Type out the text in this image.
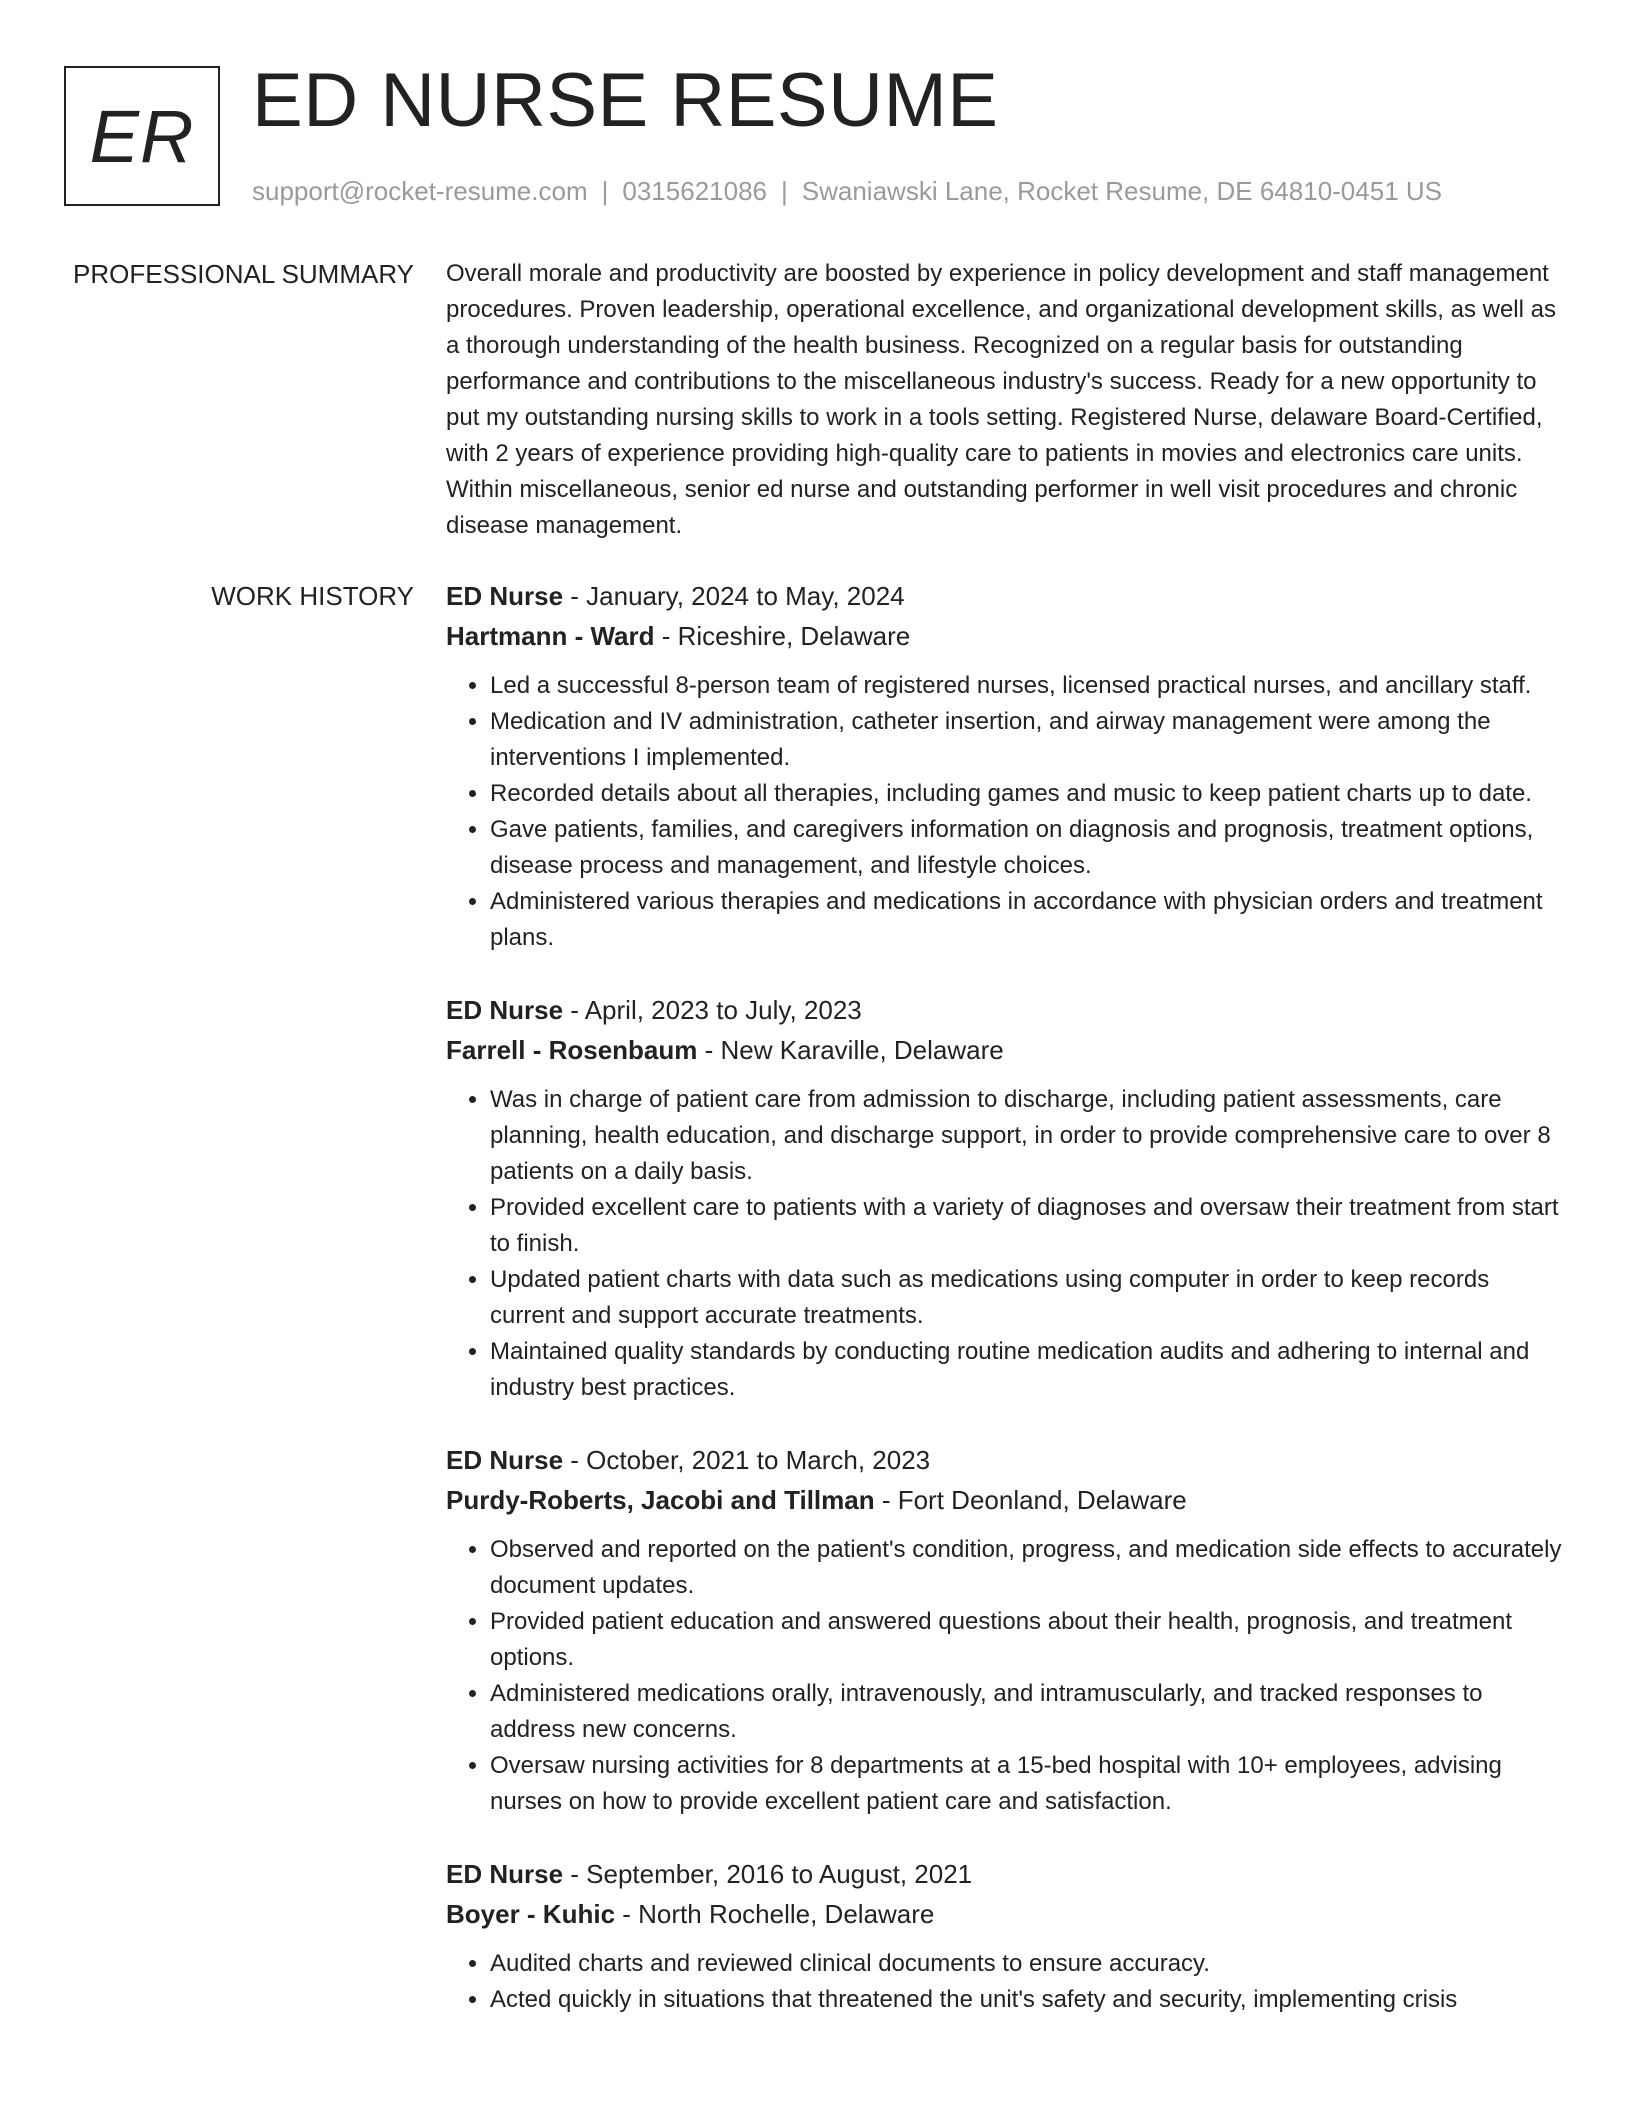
ER ED NURSE RESUME
support@rocket-resume.com | 0315621086 | Swaniawski Lane, Rocket Resume, DE 64810-0451 US
PROFESSIONAL SUMMARY Overall morale and productivity are boosted by experience in policy development and staff management procedures. Proven leadership, operational excellence, and organizational development skills, as well as a thorough understanding of the health business. Recognized on a regular basis for outstanding performance and contributions to the miscellaneous industry's success. Ready for a new opportunity to put my outstanding nursing skills to work in a tools setting. Registered Nurse, delaware Board-Certified, with 2 years of experience providing high-quality care to patients in movies and electronics care units. Within miscellaneous, senior ed nurse and outstanding performer in well visit procedures and chronic disease management.

WORK HISTORY ED Nurse - January, 2024 to May, 2024
Hartmann - Ward - Riceshire, Delaware
• Led a successful 8-person team of registered nurses, licensed practical nurses, and ancillary staff.
• Medication and IV administration, catheter insertion, and airway management were among the interventions I implemented.
• Recorded details about all therapies, including games and music to keep patient charts up to date.
• Gave patients, families, and caregivers information on diagnosis and prognosis, treatment options, disease process and management, and lifestyle choices.
• Administered various therapies and medications in accordance with physician orders and treatment plans.
ED Nurse - April, 2023 to July, 2023
Farrell - Rosenbaum - New Karaville, Delaware
• Was in charge of patient care from admission to discharge, including patient assessments, care planning, health education, and discharge support, in order to provide comprehensive care to over 8 patients on a daily basis.
• Provided excellent care to patients with a variety of diagnoses and oversaw their treatment from start to finish.
• Updated patient charts with data such as medications using computer in order to keep records current and support accurate treatments.
• Maintained quality standards by conducting routine medication audits and adhering to internal and industry best practices.
ED Nurse - October, 2021 to March, 2023
Purdy-Roberts, Jacobi and Tillman - Fort Deonland, Delaware
• Observed and reported on the patient's condition, progress, and medication side effects to accurately document updates.
• Provided patient education and answered questions about their health, prognosis, and treatment options.
• Administered medications orally, intravenously, and intramuscularly, and tracked responses to address new concerns.
• Oversaw nursing activities for 8 departments at a 15-bed hospital with 10+ employees, advising nurses on how to provide excellent patient care and satisfaction.
ED Nurse - September, 2016 to August, 2021
Boyer - Kuhic - North Rochelle, Delaware
• Audited charts and reviewed clinical documents to ensure accuracy.
• Acted quickly in situations that threatened the unit's safety and security, implementing crisis
